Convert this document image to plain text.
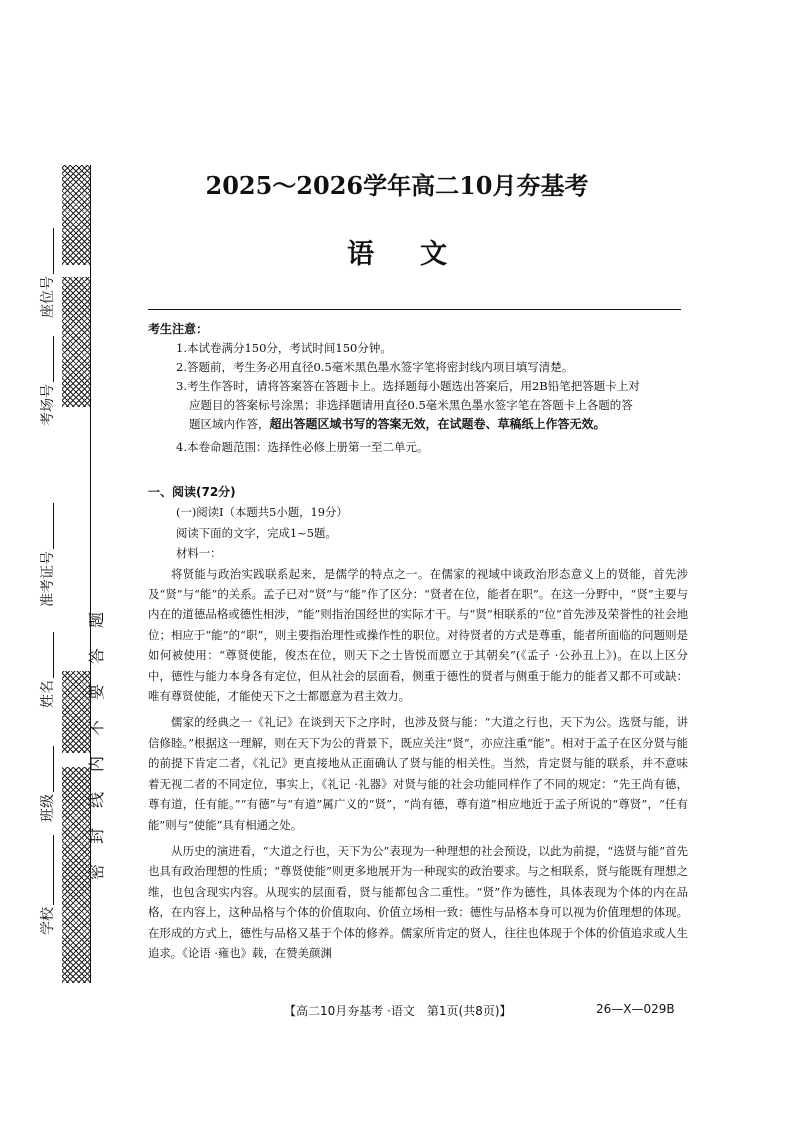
座位号
考场号
准考证号
姓名
班级
学校
密封线内不要答题
2025～2026学年高二10月夯基考
语文
考生注意：
1.本试卷满分150分，考试时间150分钟。
2.答题前，考生务必用直径0.5毫米黑色墨水签字笔将密封线内项目填写清楚。
3.考生作答时，请将答案答在答题卡上。选择题每小题选出答案后，用2B铅笔把答题卡上对
应题目的答案标号涂黑；非选择题请用直径0.5毫米黑色墨水签字笔在答题卡上各题的答
题区域内作答，超出答题区域书写的答案无效，在试题卷、草稿纸上作答无效。
4.本卷命题范围：选择性必修上册第一至二单元。
一、阅读(72分)
(一)阅读I（本题共5小题，19分）
阅读下面的文字，完成1~5题。
材料一：
将贤能与政治实践联系起来，是儒学的特点之一。在儒家的视域中谈政治形态意义上的贤能，首先涉及“贤”与“能”的关系。孟子已对“贤”与“能”作了区分：“贤者在位，能者在职”。在这一分野中，“贤”主要与内在的道德品格或德性相涉，“能”则指治国经世的实际才干。与“贤”相联系的“位”首先涉及荣誉性的社会地位；相应于“能”的“职”，则主要指治理性或操作性的职位。对待贤者的方式是尊重，能者所面临的问题则是如何被使用：“尊贤使能，俊杰在位，则天下之士皆悦而愿立于其朝矣”(《孟子 ·公孙丑上》)。在以上区分中，德性与能力本身各有定位，但从社会的层面看，侧重于德性的贤者与侧重于能力的能者又都不可或缺：唯有尊贤使能，才能使天下之士都愿意为君主效力。
儒家的经典之一《礼记》在谈到天下之序时，也涉及贤与能：“大道之行也，天下为公。选贤与能，讲信修睦。”根据这一理解，则在天下为公的背景下，既应关注“贤”，亦应注重“能”。相对于孟子在区分贤与能的前提下肯定二者，《礼记》更直接地从正面确认了贤与能的相关性。当然，肯定贤与能的联系，并不意味着无视二者的不同定位，事实上，《礼记 ·礼器》对贤与能的社会功能同样作了不同的规定：“先王尚有德，尊有道，任有能。”“有德”与“有道”属广义的“贤”，“尚有德，尊有道”相应地近于孟子所说的“尊贤”，“任有能”则与“使能”具有相通之处。
从历史的演进看，“大道之行也，天下为公”表现为一种理想的社会预设，以此为前提，“选贤与能”首先也具有政治理想的性质；“尊贤使能”则更多地展开为一种现实的政治要求。与之相联系，贤与能既有理想之维，也包含现实内容。从现实的层面看，贤与能都包含二重性。“贤”作为德性，具体表现为个体的内在品格，在内容上，这种品格与个体的价值取向、价值立场相一致：德性与品格本身可以视为价值理想的体现。在形成的方式上，德性与品格又基于个体的修养。儒家所肯定的贤人，往往也体现于个体的价值追求或人生追求。《论语 ·雍也》载，在赞美颜渊
【高二10月夯基考 ·语文　第1页(共8页)】	26—X—029B
